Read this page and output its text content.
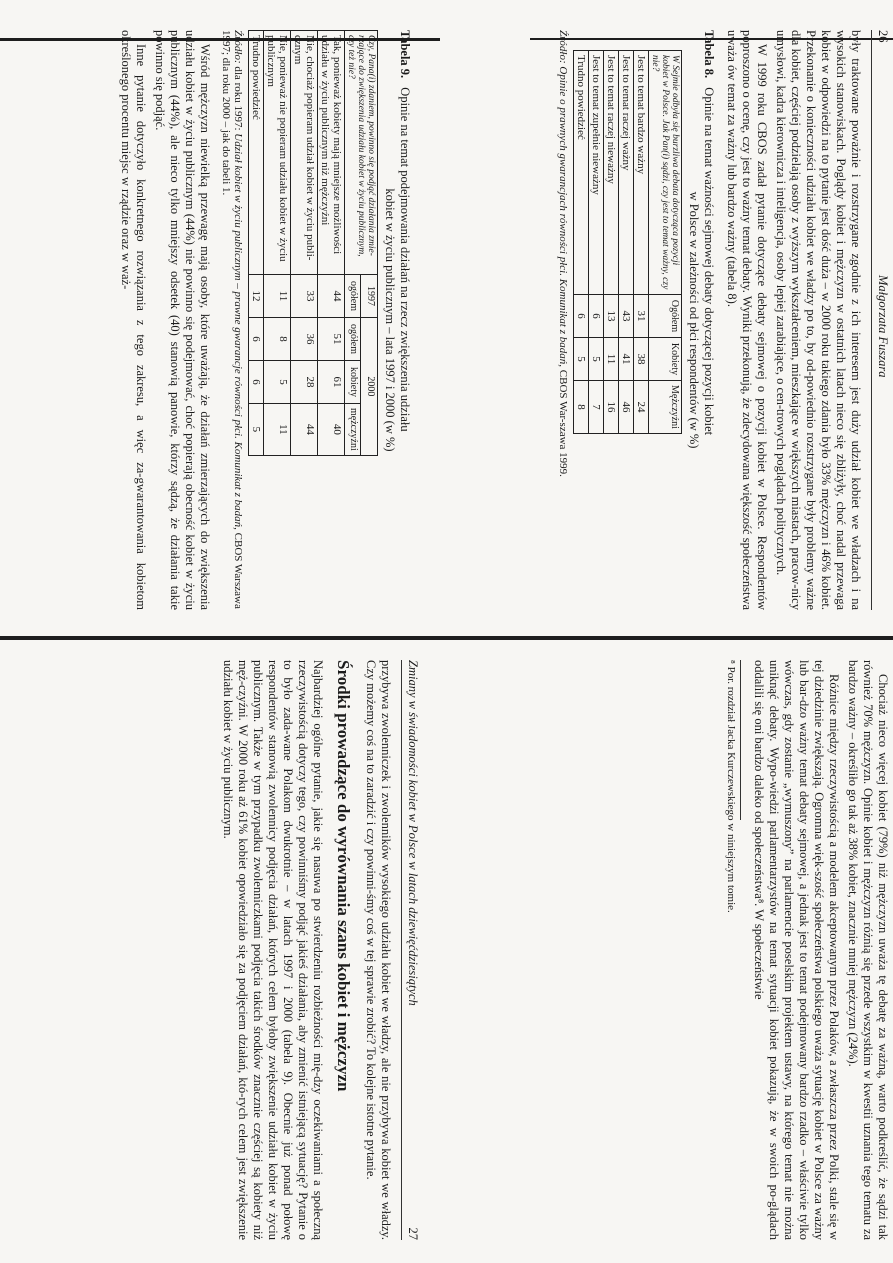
26
Małgorzata Fuszara

były traktowane poważnie i rozstrzygane zgodnie z ich interesem jest duży udział kobiet we władzach i na wysokich stanowiskach. Poglądy kobiet i mężczyzn w ostatnich latach nieco się zbliżyły, choć nadal przewaga kobiet w odpowiedzi na to pytanie jest dość duża – w 2000 roku takiego zdania było 33% mężczyzn i 46% kobiet. Przekonanie o konieczności udziału kobiet we władzy po to, by od-powiednio rozstrzygane były problemy ważne dla kobiet, częściej podzielają osoby z wyższym wykształceniem, mieszkające w większych miastach, pracow-nicy umysłowi, kadra kierownicza i inteligencja, osoby lepiej zarabiające, o cen-trowych poglądach politycznych.

W 1999 roku CBOS zadał pytanie dotyczące debaty sejmowej o pozycji kobiet w Polsce. Respondentów poproszono o ocenę, czy jest to ważny temat debaty. Wyniki przekonują, że zdecydowana większość społeczeństwa uważa ów temat za ważny lub bardzo ważny (tabela 8).

Tabela 8. Opinie na temat ważności sejmowej debaty dotyczącej pozycji kobiet
w Polsce w zależności od płci respondentów (w %)
W Sejmie odbyła się burzliwa debata dotycząca pozycji kobiet w Polsce. Jak Pan(i) sądzi, czy jest to temat ważny, czy nie?	Ogółem	Kobiety	Mężczyźni
Jest to temat bardzo ważny	31	38	24
Jest to temat raczej ważny	43	41	46
Jest to temat raczej nieważny	13	11	16
Jest to temat zupełnie nieważny	6	5	7
Trudno powiedzieć	6	5	8
Źródło: Opinie o prawnych gwarancjach równości płci. Komunikat z badań, CBOS War-szawa 1999.

Chociaż nieco więcej kobiet (79%) niż mężczyzn uważa tę debatę za ważną, warto podkreślić, że sądzi tak również 70% mężczyzn. Opinie kobiet i mężczyzn różnią się przede wszystkim w kwestii uznania tego tematu za bardzo ważny – określiło go tak aż 38% kobiet, znacznie mniej mężczyzn (24%).

Różnice między rzeczywistością a modelem akceptowanym przez Polaków, a zwłaszcza przez Polki, stale się w tej dziedzinie zwiększają. Ogromna więk-szość społeczeństwa polskiego uważa sytuację kobiet w Polsce za ważny lub bar-dzo ważny temat debaty sejmowej, a jednak jest to temat podejmowany bardzo rzadko – właściwie tylko wówczas, gdy zostanie „wymuszony” na parlamencie poselskim projektem ustawy, na którego temat nie można uniknąć debaty. Wypo-wiedzi parlamentarzystów na temat sytuacji kobiet pokazują, że w swoich po-glądach oddalili się oni bardzo daleko od społeczeństwa⁸. W społeczeństwie

⁸ Por. rozdział Jacka Kurczewskiego w niniejszym tomie.
Zmiany w świadomości kobiet w Polsce w latach dziewięćdziesiątych
27

przybywa zwolenniczek i zwolenników wysokiego udziału kobiet we władzy, ale nie przybywa kobiet we władzy. Czy możemy coś na to zaradzić i czy powinni-śmy coś w tej sprawie zrobić? To kolejne istotne pytanie.

Środki prowadzące do wyrównania szans kobiet i mężczyzn

Najbardziej ogólne pytanie, jakie się nasuwa po stwierdzeniu rozbieżności mię-dzy oczekiwaniami a społeczną rzeczywistością dotyczy tego, czy powinniśmy podjąć jakieś działania, aby zmienić istniejącą sytuację? Pytanie o to było zada-wane Polakom dwukrotnie – w latach 1997 i 2000 (tabela 9). Obecnie już ponad połowę respondentów stanowią zwolennicy podjęcia działań, których celem byłoby zwiększenie udziału kobiet w życiu publicznym. Także w tym przypadku zwolenniczkami podjęcia takich środków znacznie częściej są kobiety niż męż-czyźni. W 2000 roku aż 61% kobiet opowiedziało się za podjęciem działań, któ-rych celem jest zwiększenie udziału kobiet w życiu publicznym.

Tabela 9. Opinie na temat podejmowania działań na rzecz zwiększenia udziału
kobiet w życiu publicznym – lata 1997 i 2000 (w %)
Czy, Pana(i) zdaniem, powinno się podjąć działania zmie-rzające do zwiększenia udziału kobiet w życiu publicznym, czy też nie?	1997	2000		
	ogółem	ogółem	kobiety	mężczyźni
Tak, ponieważ kobiety mają mniejsze możliwości udziału w życiu publicznym niż mężczyźni	44	51	61	40
Nie, chociaż popieram udział kobiet w życiu publi-cznym	33	36	28	44
Nie, ponieważ nie popieram udziału kobiet w życiu publicznym	11	8	5	11
Trudno powiedzieć	12	6	6	5
Źródło: dla roku 1997: Udział kobiet w życiu publicznym – prawne gwarancje równości płci. Komunikat z badań, CBOS Warszawa 1997; dla roku 2000 – jak do tabeli 1.

Wśród mężczyzn niewielką przewagę mają osoby, które uważają, że działań zmierzających do zwiększenia udziału kobiet w życiu publicznym (44%) nie powinno się podejmować, choć popierają obecność kobiet w życiu publicznym (44%), ale nieco tylko mniejszy odsetek (40) stanowią panowie, którzy sądzą, że działania takie powinno się podjąć.

Inne pytanie dotyczyło konkretnego rozwiązania z tego zakresu, a więc za-gwarantowania kobietom określonego procentu miejsc w rządzie oraz w waż-
